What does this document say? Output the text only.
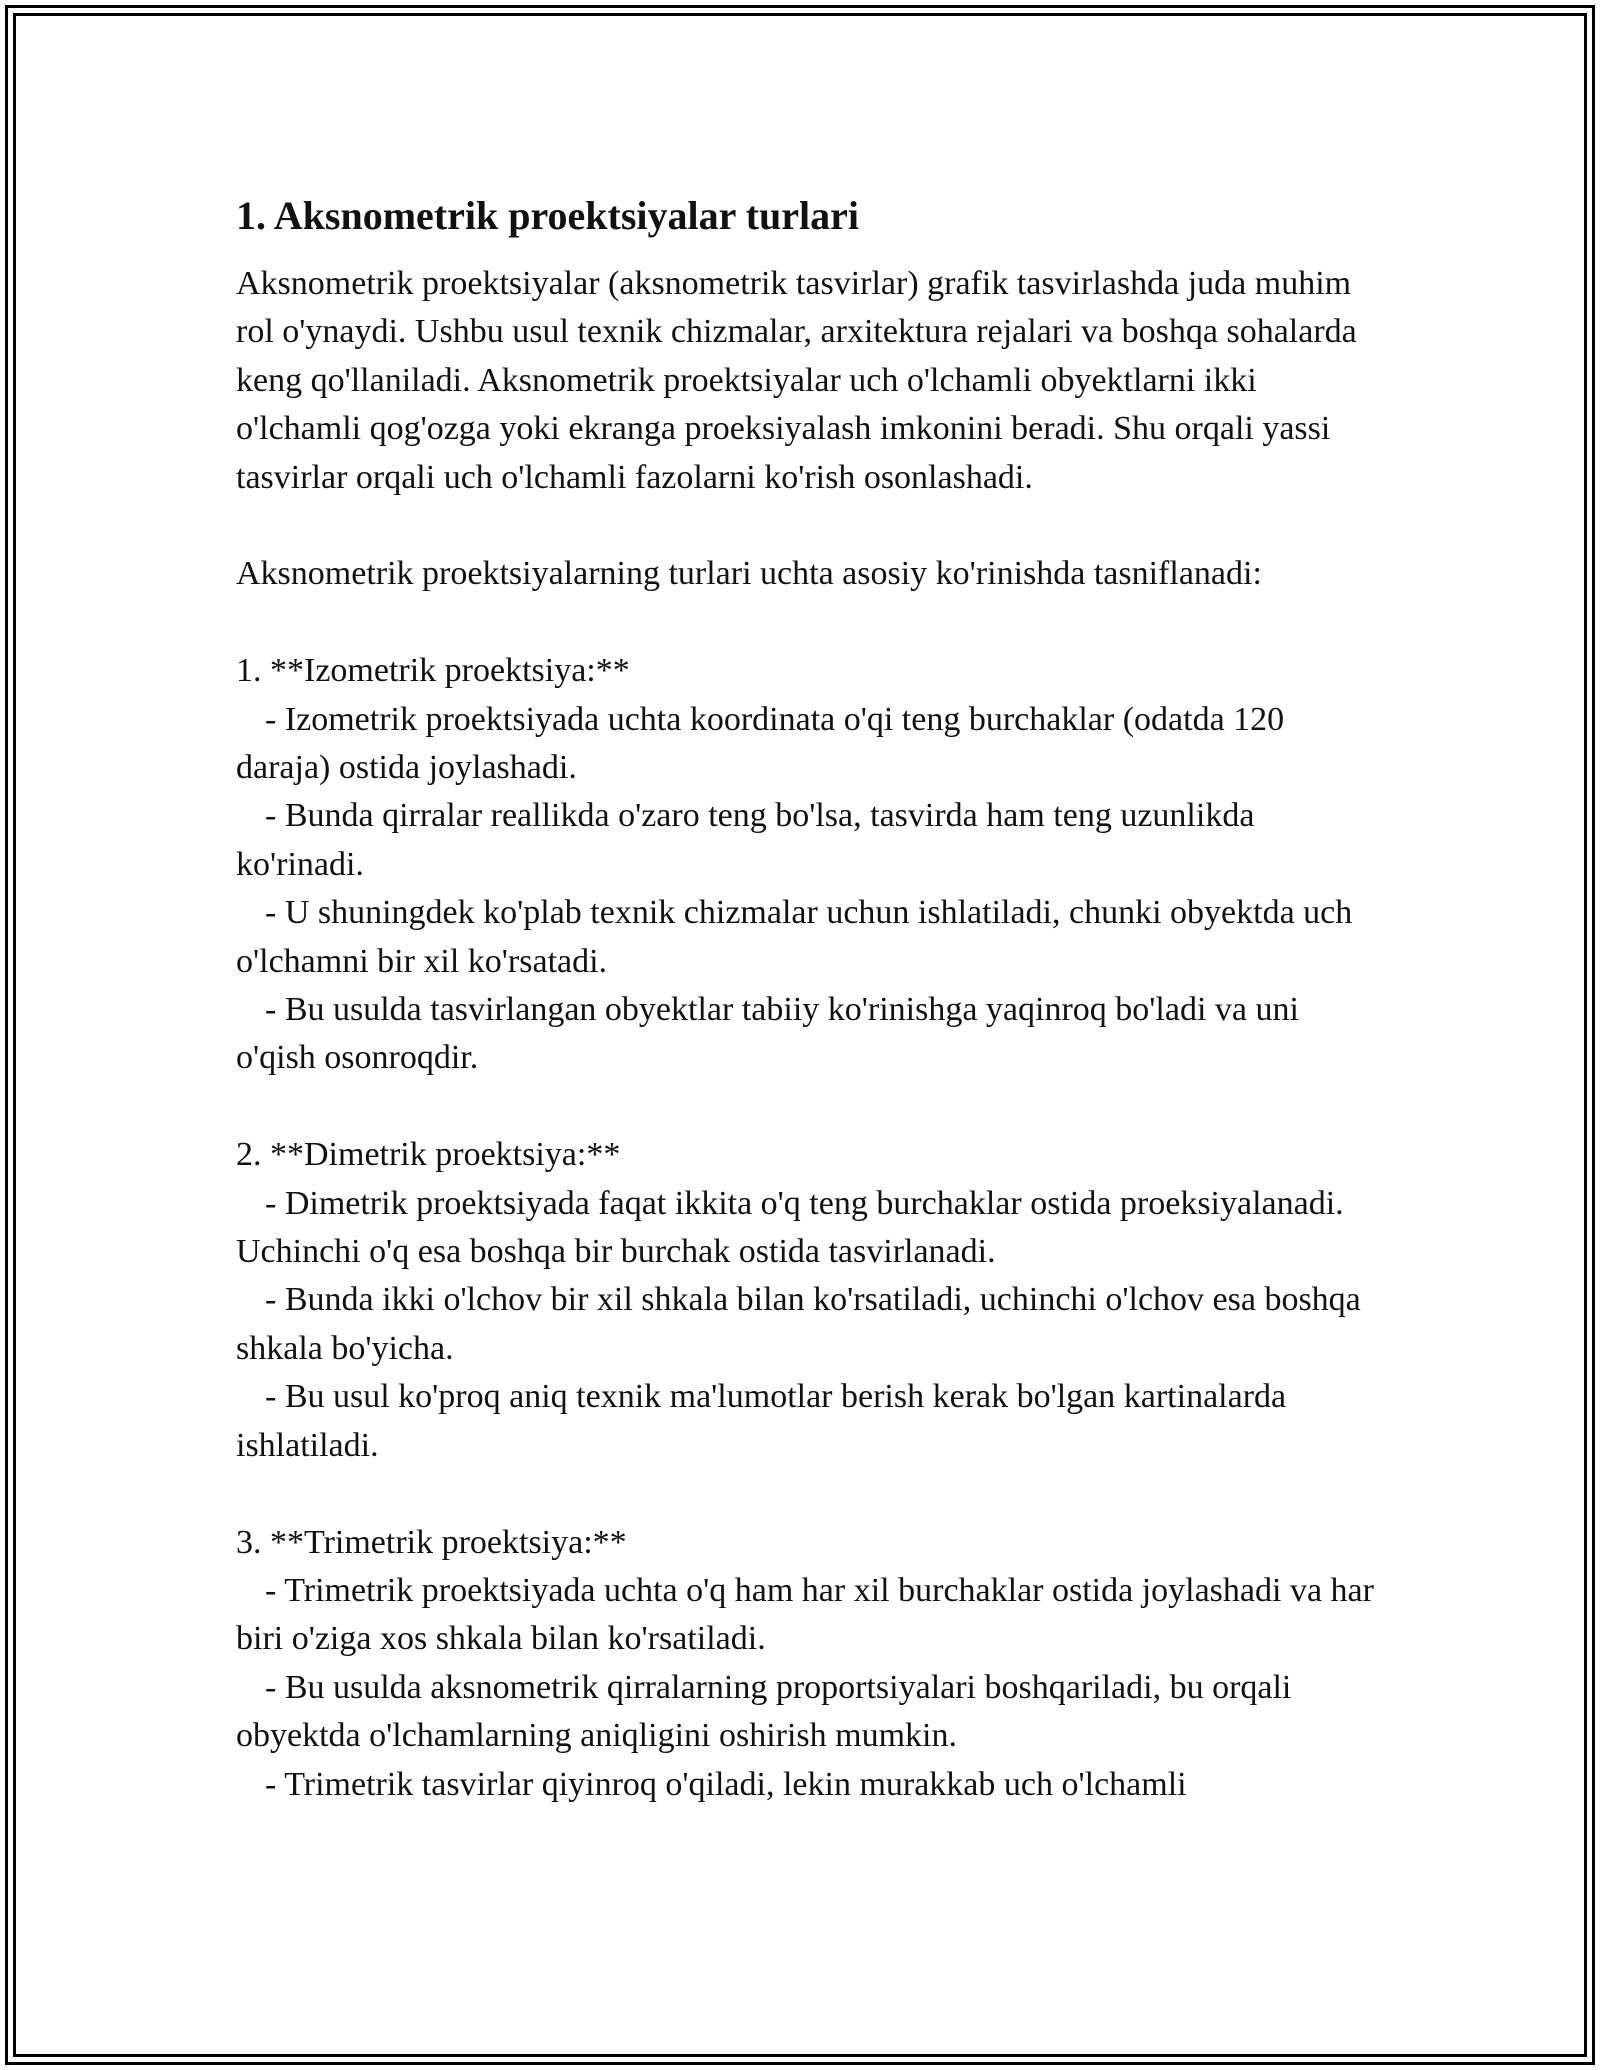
1. Aksnometrik proektsiyalar turlari

Aksnometrik proektsiyalar (aksnometrik tasvirlar) grafik tasvirlashda juda muhim rol o'ynaydi. Ushbu usul texnik chizmalar, arxitektura rejalari va boshqa sohalarda keng qo'llaniladi. Aksnometrik proektsiyalar uch o'lchamli obyektlarni ikki o'lchamli qog'ozga yoki ekranga proeksiyalash imkonini beradi. Shu orqali yassi tasvirlar orqali uch o'lchamli fazolarni ko'rish osonlashadi.

Aksnometrik proektsiyalarning turlari uchta asosiy ko'rinishda tasniflanadi:

1. **Izometrik proektsiya:**

- Izometrik proektsiyada uchta koordinata o'qi teng burchaklar (odatda 120 daraja) ostida joylashadi.

- Bunda qirralar reallikda o'zaro teng bo'lsa, tasvirda ham teng uzunlikda ko'rinadi.

- U shuningdek ko'plab texnik chizmalar uchun ishlatiladi, chunki obyektda uch o'lchamni bir xil ko'rsatadi.

- Bu usulda tasvirlangan obyektlar tabiiy ko'rinishga yaqinroq bo'ladi va uni o'qish osonroqdir.

2. **Dimetrik proektsiya:**

- Dimetrik proektsiyada faqat ikkita o'q teng burchaklar ostida proeksiyalanadi. Uchinchi o'q esa boshqa bir burchak ostida tasvirlanadi.

- Bunda ikki o'lchov bir xil shkala bilan ko'rsatiladi, uchinchi o'lchov esa boshqa shkala bo'yicha.

- Bu usul ko'proq aniq texnik ma'lumotlar berish kerak bo'lgan kartinalarda ishlatiladi.

3. **Trimetrik proektsiya:**

- Trimetrik proektsiyada uchta o'q ham har xil burchaklar ostida joylashadi va har biri o'ziga xos shkala bilan ko'rsatiladi.

- Bu usulda aksnometrik qirralarning proportsiyalari boshqariladi, bu orqali obyektda o'lchamlarning aniqligini oshirish mumkin.

- Trimetrik tasvirlar qiyinroq o'qiladi, lekin murakkab uch o'lchamli
